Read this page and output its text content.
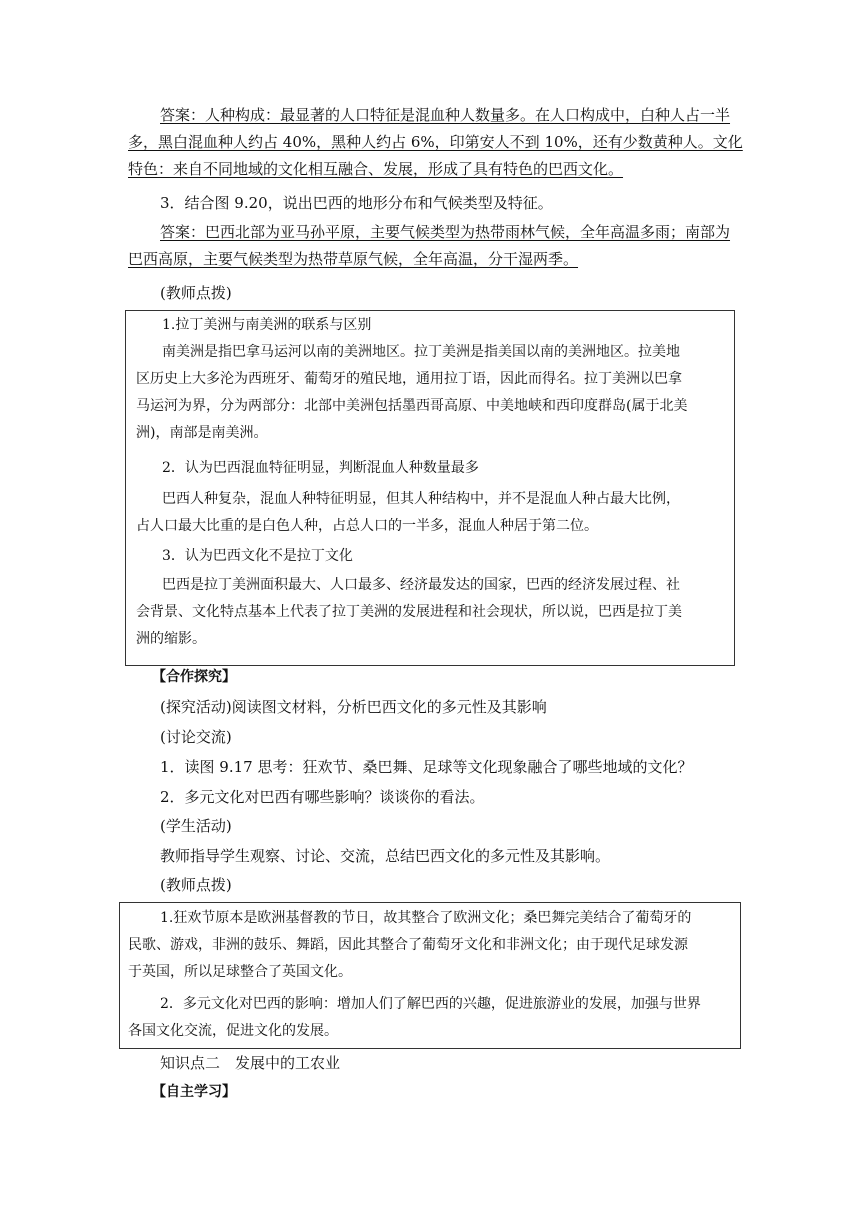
答案：人种构成：最显著的人口特征是混血种人数量多。在人口构成中，白种人占一半
多，黑白混血种人约占 40%，黑种人约占 6%，印第安人不到 10%，还有少数黄种人。文化
特色：来自不同地域的文化相互融合、发展，形成了具有特色的巴西文化。
3．结合图 9.20，说出巴西的地形分布和气候类型及特征。
答案：巴西北部为亚马孙平原，主要气候类型为热带雨林气候，全年高温多雨；南部为
巴西高原，主要气候类型为热带草原气候，全年高温，分干湿两季。
(教师点拨)
1.拉丁美洲与南美洲的联系与区别
南美洲是指巴拿马运河以南的美洲地区。拉丁美洲是指美国以南的美洲地区。拉美地
区历史上大多沦为西班牙、葡萄牙的殖民地，通用拉丁语，因此而得名。拉丁美洲以巴拿
马运河为界，分为两部分：北部中美洲包括墨西哥高原、中美地峡和西印度群岛(属于北美
洲)，南部是南美洲。
2．认为巴西混血特征明显，判断混血人种数量最多
巴西人种复杂，混血人种特征明显，但其人种结构中，并不是混血人种占最大比例，
占人口最大比重的是白色人种，占总人口的一半多，混血人种居于第二位。
3．认为巴西文化不是拉丁文化
巴西是拉丁美洲面积最大、人口最多、经济最发达的国家，巴西的经济发展过程、社
会背景、文化特点基本上代表了拉丁美洲的发展进程和社会现状，所以说，巴西是拉丁美
洲的缩影。
【合作探究】
(探究活动)阅读图文材料，分析巴西文化的多元性及其影响
(讨论交流)
1．读图 9.17 思考：狂欢节、桑巴舞、足球等文化现象融合了哪些地域的文化？
2．多元文化对巴西有哪些影响？谈谈你的看法。
(学生活动)
教师指导学生观察、讨论、交流，总结巴西文化的多元性及其影响。
(教师点拨)
1.狂欢节原本是欧洲基督教的节日，故其整合了欧洲文化；桑巴舞完美结合了葡萄牙的
民歌、游戏，非洲的鼓乐、舞蹈，因此其整合了葡萄牙文化和非洲文化；由于现代足球发源
于英国，所以足球整合了英国文化。
2．多元文化对巴西的影响：增加人们了解巴西的兴趣，促进旅游业的发展，加强与世界
各国文化交流，促进文化的发展。
知识点二　发展中的工农业
【自主学习】
